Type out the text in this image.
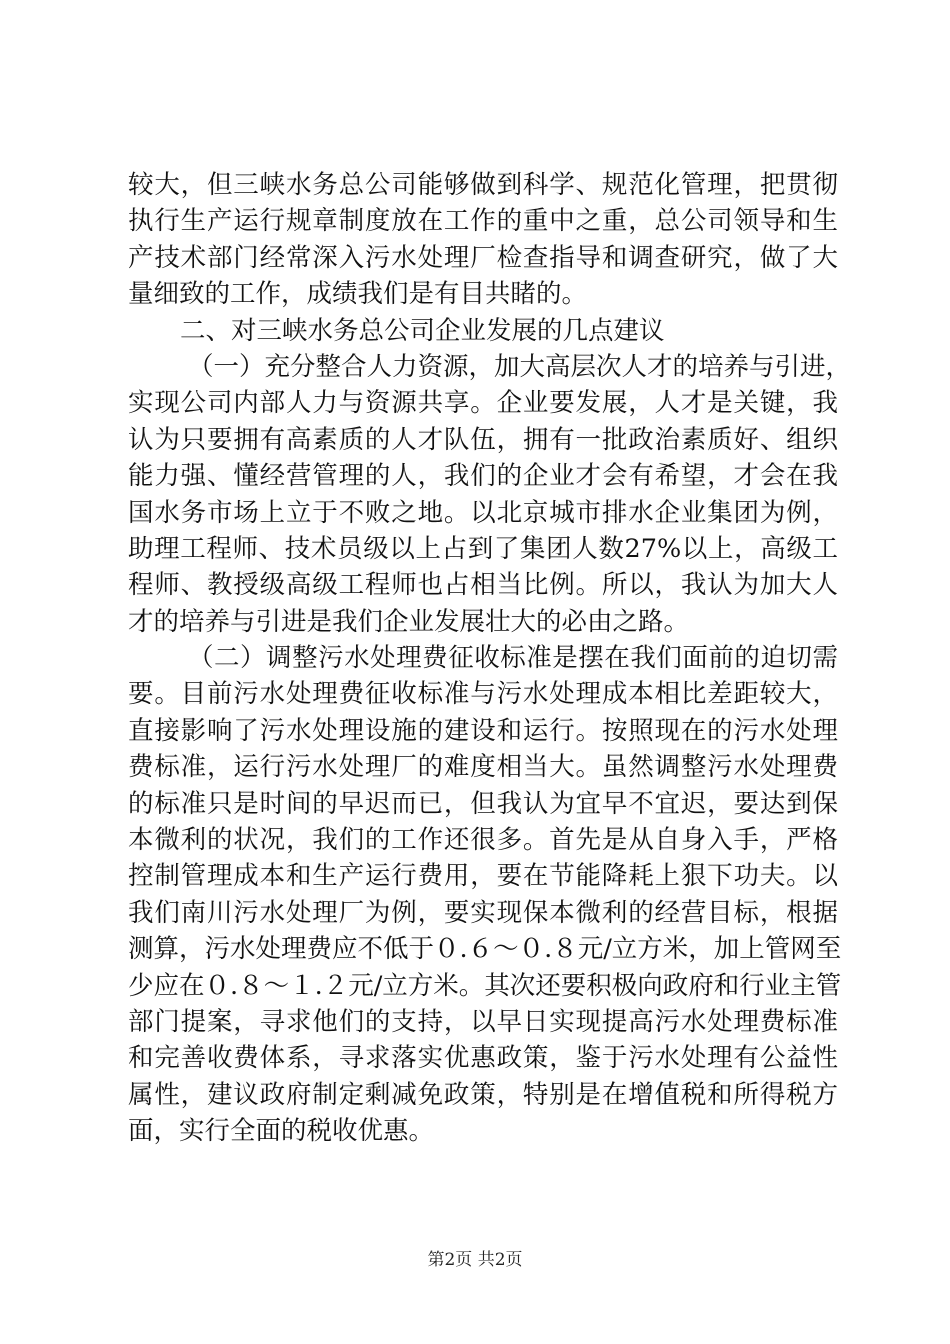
较大，但三峡水务总公司能够做到科学、规范化管理，把贯彻
执行生产运行规章制度放在工作的重中之重，总公司领导和生
产技术部门经常深入污水处理厂检查指导和调查研究，做了大
量细致的工作，成绩我们是有目共睹的。
二、对三峡水务总公司企业发展的几点建议
（一）充分整合人力资源，加大高层次人才的培养与引进，
实现公司内部人力与资源共享。企业要发展，人才是关键，我
认为只要拥有高素质的人才队伍，拥有一批政治素质好、组织
能力强、懂经营管理的人，我们的企业才会有希望，才会在我
国水务市场上立于不败之地。以北京城市排水企业集团为例，
助理工程师、技术员级以上占到了集团人数27%以上，高级工
程师、教授级高级工程师也占相当比例。所以，我认为加大人
才的培养与引进是我们企业发展壮大的必由之路。
（二）调整污水处理费征收标准是摆在我们面前的迫切需
要。目前污水处理费征收标准与污水处理成本相比差距较大，
直接影响了污水处理设施的建设和运行。按照现在的污水处理
费标准，运行污水处理厂的难度相当大。虽然调整污水处理费
的标准只是时间的早迟而已，但我认为宜早不宜迟，要达到保
本微利的状况，我们的工作还很多。首先是从自身入手，严格
控制管理成本和生产运行费用，要在节能降耗上狠下功夫。以
我们南川污水处理厂为例，要实现保本微利的经营目标，根据
测算，污水处理费应不低于０.６～０.８元/立方米，加上管网至
少应在０.８～１.２元/立方米。其次还要积极向政府和行业主管
部门提案，寻求他们的支持，以早日实现提高污水处理费标准
和完善收费体系，寻求落实优惠政策，鉴于污水处理有公益性
属性，建议政府制定剩减免政策，特别是在增值税和所得税方
面，实行全面的税收优惠。
第2页 共2页
